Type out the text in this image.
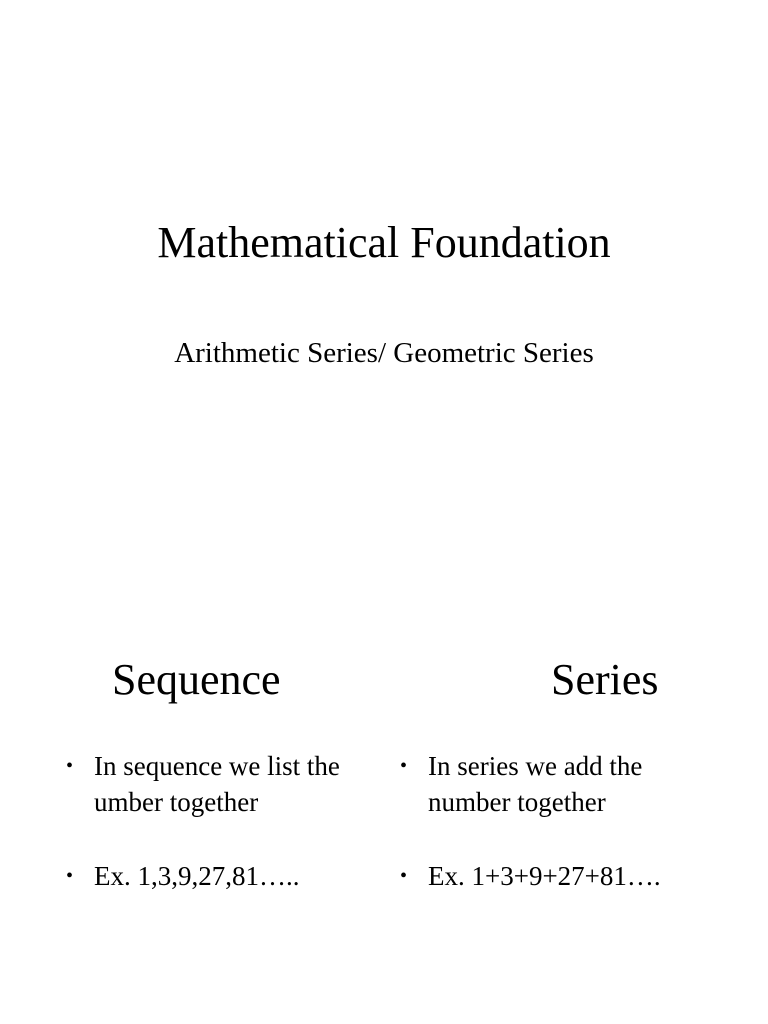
Mathematical Foundation
Arithmetic Series/ Geometric Series
Sequence	Series
• In sequence we list the umber together
• Ex. 1,3,9,27,81…..
• In series we add the number together
• Ex. 1+3+9+27+81….
